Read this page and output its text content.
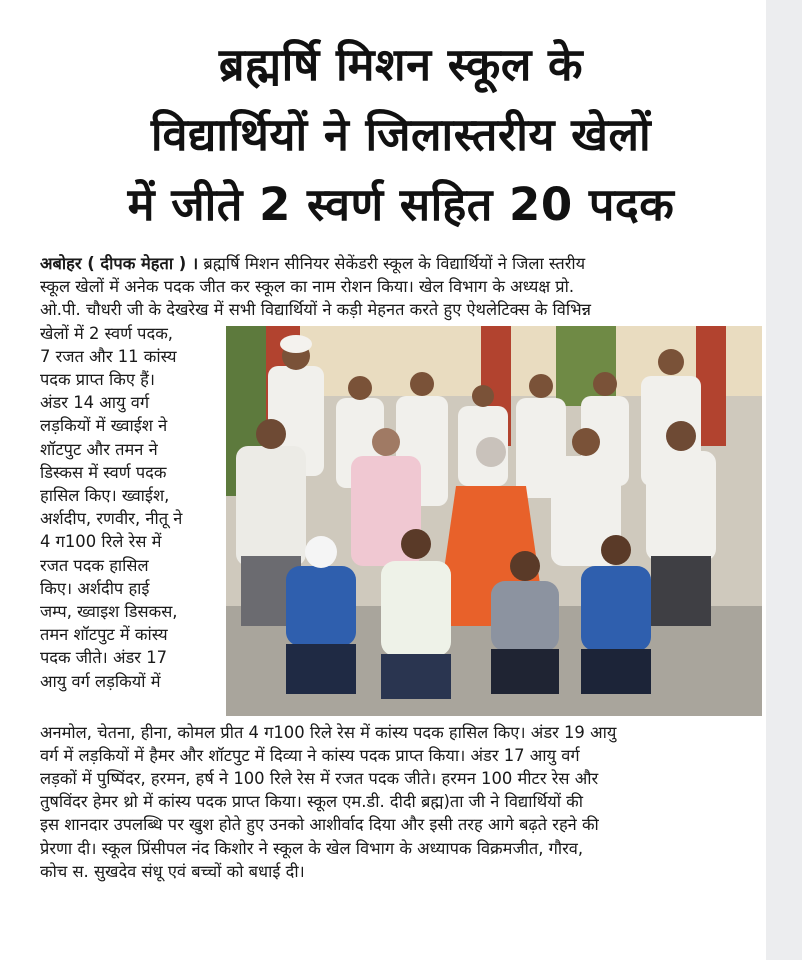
ब्रह्मर्षि मिशन स्कूल के
विद्यार्थियों ने जिलास्तरीय खेलों
में जीते 2 स्वर्ण सहित 20 पदक
अबोहर ( दीपक मेहता ) । ब्रह्मर्षि मिशन सीनियर सेकेंडरी स्कूल के विद्यार्थियों ने जिला स्तरीय
स्कूल खेलों में अनेक पदक जीत कर स्कूल का नाम रोशन किया। खेल विभाग के अध्यक्ष प्रो.
ओ.पी. चौधरी जी के देखरेख में सभी विद्यार्थियों ने कड़ी मेहनत करते हुए ऐथलेटिक्स के विभिन्न
खेलों में 2 स्वर्ण पदक,
7 रजत और 11 कांस्य
पदक प्राप्त किए हैं।
अंडर 14 आयु वर्ग
लड़कियों में ख्वाईश ने
शॉटपुट और तमन ने
डिस्कस में स्वर्ण पदक
हासिल किए। ख्वाईश,
अर्शदीप, रणवीर, नीतू ने
4 ग100 रिले रेस में
रजत पदक हासिल
किए। अर्शदीप हाई
जम्प, ख्वाइश डिसकस,
तमन शॉटपुट में कांस्य
पदक जीते। अंडर 17
आयु वर्ग लड़कियों में
अनमोल, चेतना, हीना, कोमल प्रीत 4 ग100 रिले रेस में कांस्य पदक हासिल किए। अंडर 19 आयु
वर्ग में लड़कियों में हैमर और शॉटपुट में दिव्या ने कांस्य पदक प्राप्त किया। अंडर 17 आयु वर्ग
लड़कों में पुष्पिंदर, हरमन, हर्ष ने 100 रिले रेस में रजत पदक जीते। हरमन 100 मीटर रेस और
तुषविंदर हेमर थ्रो में कांस्य पदक प्राप्त किया। स्कूल एम.डी. दीदी ब्रह्म)ता जी ने विद्यार्थियों की
इस शानदार उपलब्धि पर खुश होते हुए उनको आशीर्वाद दिया और इसी तरह आगे बढ़ते रहने की
प्रेरणा दी। स्कूल प्रिंसीपल नंद किशोर ने स्कूल के खेल विभाग के अध्यापक विक्रमजीत, गौरव,
कोच स. सुखदेव संधू एवं बच्चों को बधाई दी।
